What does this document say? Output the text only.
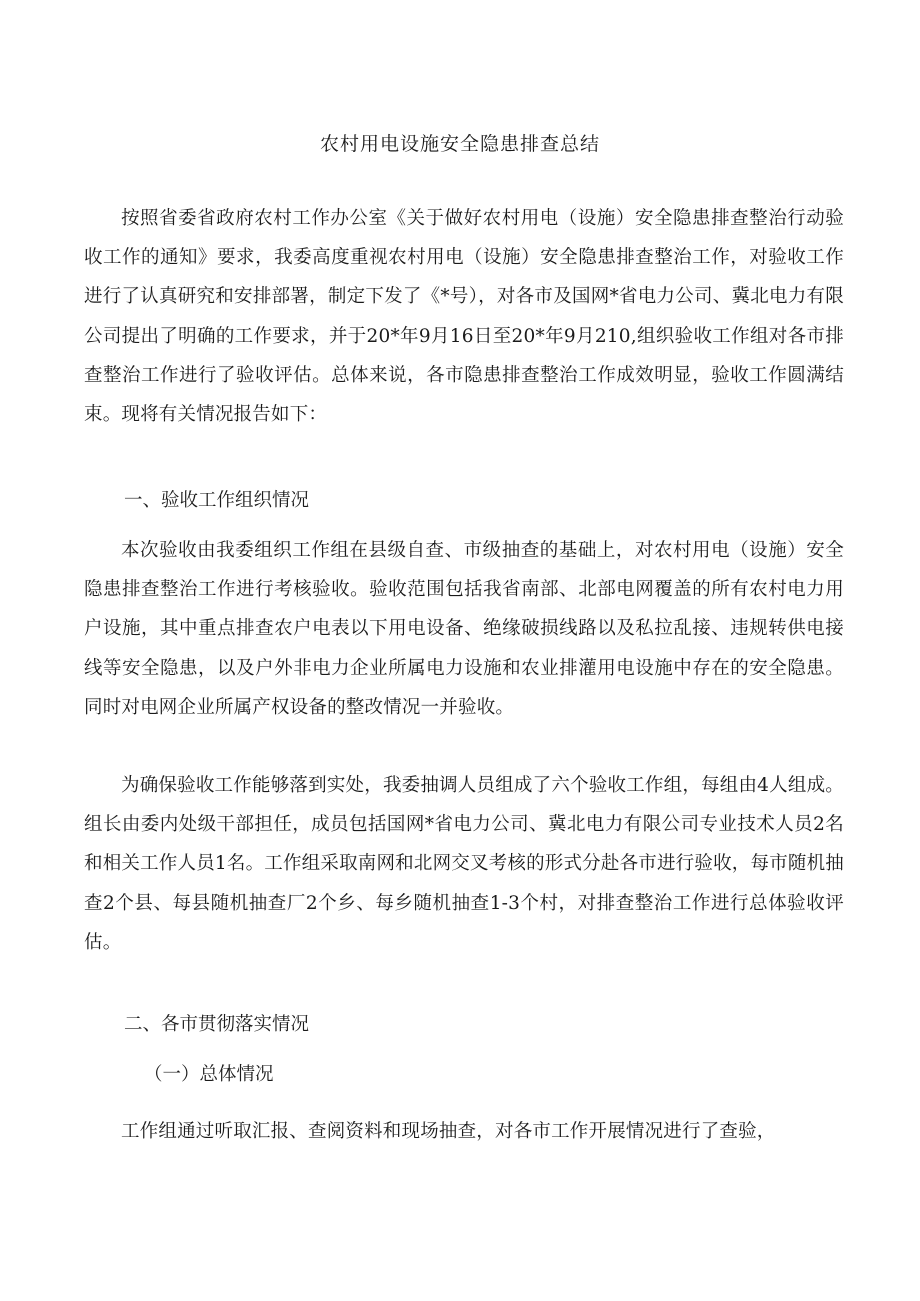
农村用电设施安全隐患排查总结
按照省委省政府农村工作办公室《关于做好农村用电（设施）安全隐患排查整治行动验收工作的通知》要求，我委高度重视农村用电（设施）安全隐患排查整治工作，对验收工作进行了认真研究和安排部署，制定下发了《*号），对各市及国网*省电力公司、冀北电力有限公司提出了明确的工作要求，并于20*年9月16日至20*年9月210,组织验收工作组对各市排查整治工作进行了验收评估。总体来说，各市隐患排查整治工作成效明显，验收工作圆满结束。现将有关情况报告如下：
一、验收工作组织情况
本次验收由我委组织工作组在县级自查、市级抽查的基础上，对农村用电（设施）安全隐患排查整治工作进行考核验收。验收范围包括我省南部、北部电网覆盖的所有农村电力用户设施，其中重点排查农户电表以下用电设备、绝缘破损线路以及私拉乱接、违规转供电接线等安全隐患，以及户外非电力企业所属电力设施和农业排灌用电设施中存在的安全隐患。同时对电网企业所属产权设备的整改情况一并验收。
为确保验收工作能够落到实处，我委抽调人员组成了六个验收工作组，每组由4人组成。组长由委内处级干部担任，成员包括国网*省电力公司、冀北电力有限公司专业技术人员2名和相关工作人员1名。工作组采取南网和北网交叉考核的形式分赴各市进行验收，每市随机抽查2个县、每县随机抽查厂2个乡、每乡随机抽查1-3个村，对排查整治工作进行总体验收评估。
二、各市贯彻落实情况
（一）总体情况
工作组通过听取汇报、查阅资料和现场抽查，对各市工作开展情况进行了查验，
